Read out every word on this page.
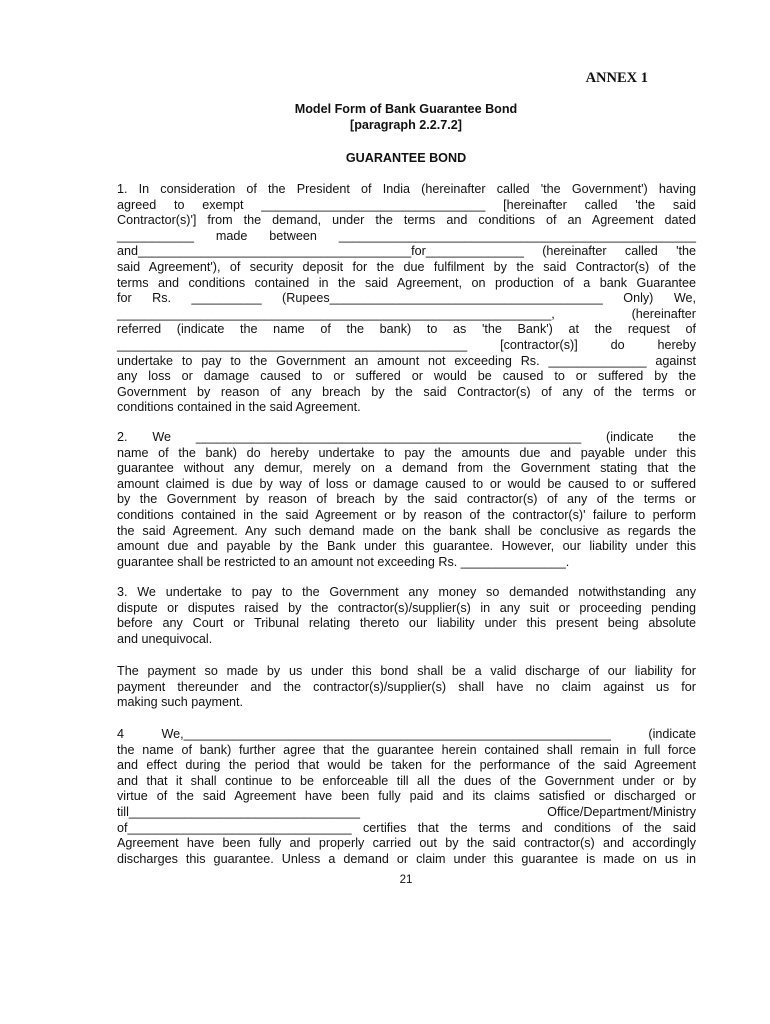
ANNEX 1
Model Form of Bank Guarantee Bond
[paragraph 2.2.7.2]
GUARANTEE BOND
1. In consideration of the President of India (hereinafter called 'the Government') having
agreed to exempt ________________________________ [hereinafter called 'the said
Contractor(s)'] from the demand, under the terms and conditions of an Agreement dated
___________ made between ___________________________________________________
and_______________________________________for______________ (hereinafter called 'the
said Agreement'), of security deposit for the due fulfilment by the said Contractor(s) of the
terms and conditions contained in the said Agreement, on production of a bank Guarantee
for Rs. __________ (Rupees_______________________________________ Only) We,
______________________________________________________________, (hereinafter
referred (indicate the name of the bank) to as 'the Bank') at the request of
__________________________________________________ [contractor(s)] do hereby
undertake to pay to the Government an amount not exceeding Rs. ______________ against
any loss or damage caused to or suffered or would be caused to or suffered by the
Government by reason of any breach by the said Contractor(s) of any of the terms or
conditions contained in the said Agreement.
2. We _______________________________________________________ (indicate the
name of the bank) do hereby undertake to pay the amounts due and payable under this
guarantee without any demur, merely on a demand from the Government stating that the
amount claimed is due by way of loss or damage caused to or would be caused to or suffered
by the Government by reason of breach by the said contractor(s) of any of the terms or
conditions contained in the said Agreement or by reason of the contractor(s)' failure to perform
the said Agreement. Any such demand made on the bank shall be conclusive as regards the
amount due and payable by the Bank under this guarantee. However, our liability under this
guarantee shall be restricted to an amount not exceeding Rs. _______________.
3. We undertake to pay to the Government any money so demanded notwithstanding any
dispute or disputes raised by the contractor(s)/supplier(s) in any suit or proceeding pending
before any Court or Tribunal relating thereto our liability under this present being absolute
and unequivocal.
The payment so made by us under this bond shall be a valid discharge of our liability for
payment thereunder and the contractor(s)/supplier(s) shall have no claim against us for
making such payment.
4 We,_____________________________________________________________ (indicate
the name of bank) further agree that the guarantee herein contained shall remain in full force
and effect during the period that would be taken for the performance of the said Agreement
and that it shall continue to be enforceable till all the dues of the Government under or by
virtue of the said Agreement have been fully paid and its claims satisfied or discharged or
till_________________________________ Office/Department/Ministry
of________________________________ certifies that the terms and conditions of the said
Agreement have been fully and properly carried out by the said contractor(s) and accordingly
discharges this guarantee. Unless a demand or claim under this guarantee is made on us in
21
